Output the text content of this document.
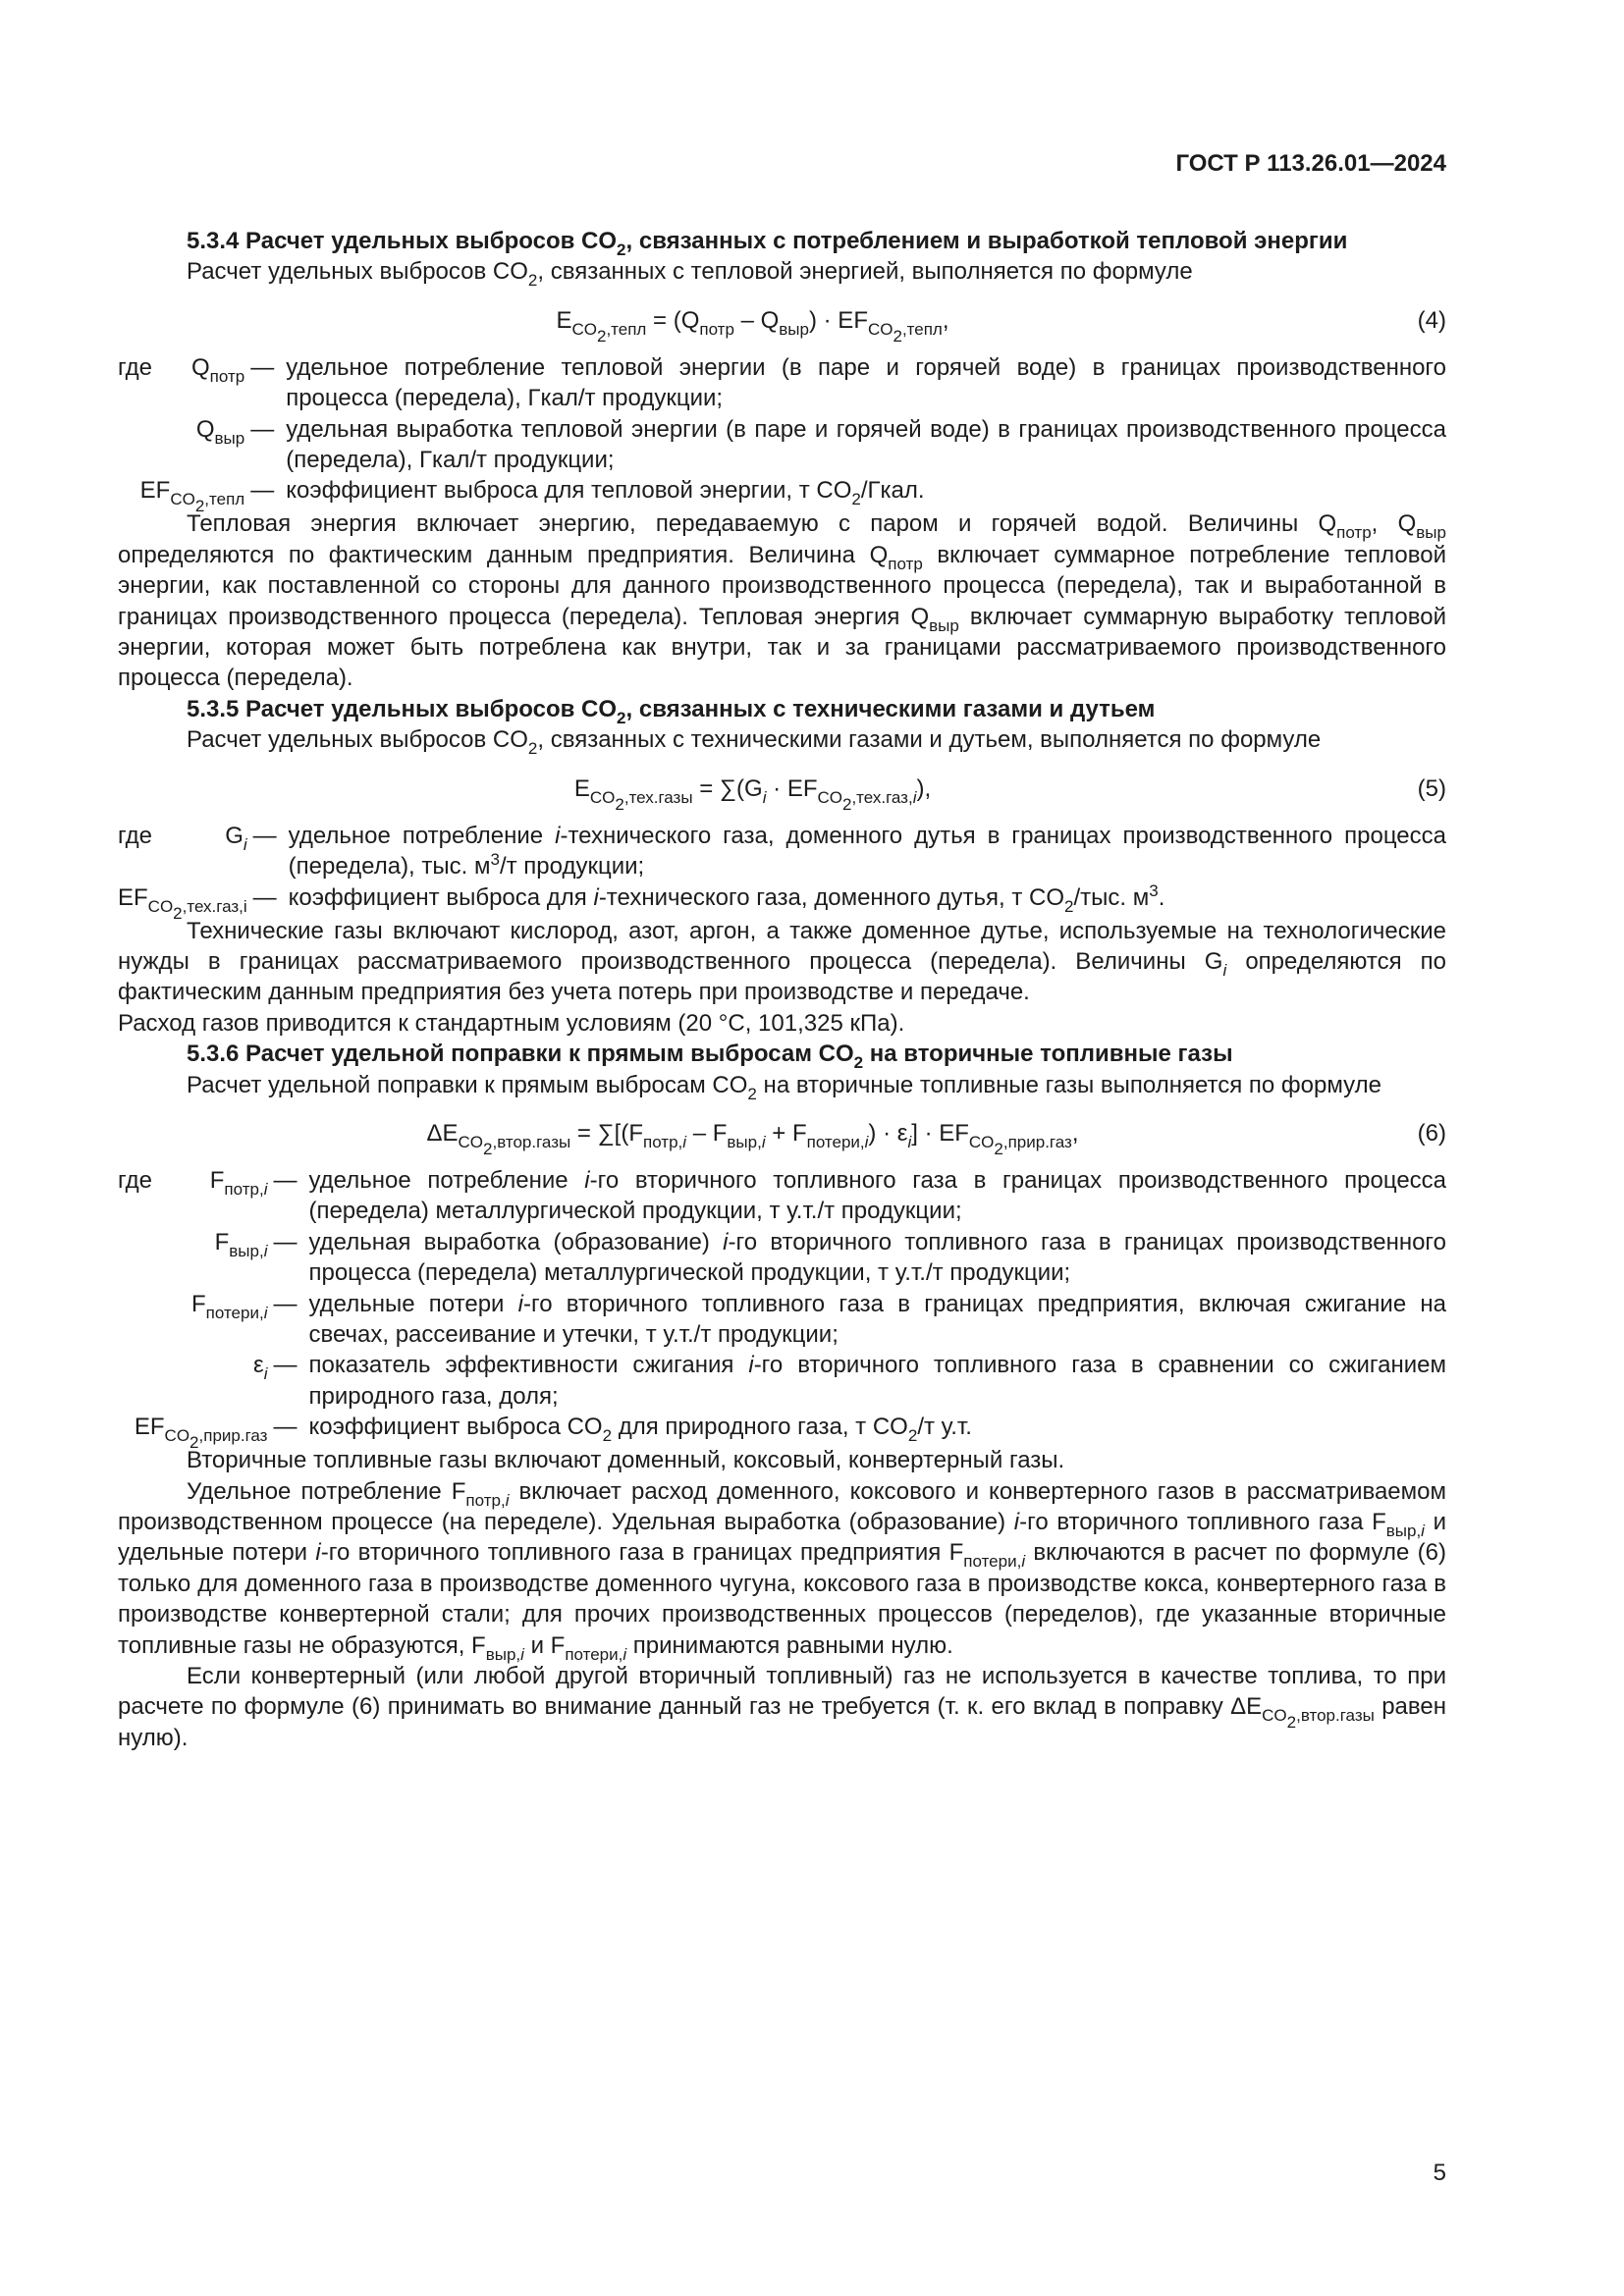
ГОСТ Р 113.26.01—2024

5.3.4 Расчет удельных выбросов $CO_2$, связанных с потреблением и выработкой тепловой энергии

Расчет удельных выбросов $CO_2$, связанных с тепловой энергией, выполняется по формуле

$E_{CO_2,тепл} = (Q_{потр} - Q_{выр}) \cdot EF_{CO_2,тепл}$,	(4)
где	$Q_{потр}$ — удельное потребление тепловой энергии (в паре и горячей воде) в границах производственного процесса (передела), Гкал/т продукции;
$Q_{выр}$ — удельная выработка тепловой энергии (в паре и горячей воде) в границах производственного процесса (передела), Гкал/т продукции;
$EF_{CO_2,тепл}$ — коэффициент выброса для тепловой энергии, т $CO_2$/Гкал.

Тепловая энергия включает энергию, передаваемую с паром и горячей водой. Величины $Q_{потр}$, $Q_{выр}$ определяются по фактическим данным предприятия. Величина $Q_{потр}$ включает суммарное потребление тепловой энергии, как поставленной со стороны для данного производственного процесса (передела), так и выработанной в границах производственного процесса (передела). Тепловая энергия $Q_{выр}$ включает суммарную выработку тепловой энергии, которая может быть потреблена как внутри, так и за границами рассматриваемого производственного процесса (передела).

5.3.5 Расчет удельных выбросов $CO_2$, связанных с техническими газами и дутьем

Расчет удельных выбросов $CO_2$, связанных с техническими газами и дутьем, выполняется по формуле

$E_{CO_2,тех.газы} = \sum(G_i \cdot EF_{CO_2,тех.газ,i})$,	(5)
где	$G_i$ — удельное потребление i-технического газа, доменного дутья в границах производственного процесса (передела), тыс. $м^3/т$ продукции;
$EF_{CO_2,тех.газ,i}$ — коэффициент выброса для i-технического газа, доменного дутья, т $CO_2$/тыс. $м^3$.

Технические газы включают кислород, азот, аргон, а также доменное дутье, используемые на технологические нужды в границах рассматриваемого производственного процесса (передела). Величины $G_i$ определяются по фактическим данным предприятия без учета потерь при производстве и передаче.

Расход газов приводится к стандартным условиям (20 °С, 101,325 кПа).

5.3.6 Расчет удельной поправки к прямым выбросам $CO_2$ на вторичные топливные газы

Расчет удельной поправки к прямым выбросам $CO_2$ на вторичные топливные газы выполняется по формуле

$\Delta E_{CO_2,втор.газы} = \sum[(F_{потр,i} - F_{выр,i} + F_{потери,i}) \cdot \varepsilon_i] \cdot EF_{CO_2,прир.газ}$,	(6)
где	$F_{потр,i}$ — удельное потребление i-го вторичного топливного газа в границах производственного процесса (передела) металлургической продукции, т у.т./т продукции;
$F_{выр,i}$ — удельная выработка (образование) i-го вторичного топливного газа в границах производственного процесса (передела) металлургической продукции, т у.т./т продукции;
$F_{потери,i}$ — удельные потери i-го вторичного топливного газа в границах предприятия, включая сжигание на свечах, рассеивание и утечки, т у.т./т продукции;
$\varepsilon_i$ — показатель эффективности сжигания i-го вторичного топливного газа в сравнении со сжиганием природного газа, доля;
$EF_{CO_2,прир.газ}$ — коэффициент выброса $CO_2$ для природного газа, т $CO_2/т$ у.т.

Вторичные топливные газы включают доменный, коксовый, конвертерный газы.

Удельное потребление $F_{потр,i}$ включает расход доменного, коксового и конвертерного газов в рассматриваемом производственном процессе (на переделе). Удельная выработка (образование) i-го вторичного топливного газа $F_{выр,i}$ и удельные потери i-го вторичного топливного газа в границах предприятия $F_{потери,i}$ включаются в расчет по формуле (6) только для доменного газа в производстве доменного чугуна, коксового газа в производстве кокса, конвертерного газа в производстве конвертерной стали; для прочих производственных процессов (переделов), где указанные вторичные топливные газы не образуются, $F_{выр,i}$ и $F_{потери,i}$ принимаются равными нулю.

Если конвертерный (или любой другой вторичный топливный) газ не используется в качестве топлива, то при расчете по формуле (6) принимать во внимание данный газ не требуется (т. к. его вклад в поправку $\Delta E_{CO_2,втор.газы}$ равен нулю).

5
